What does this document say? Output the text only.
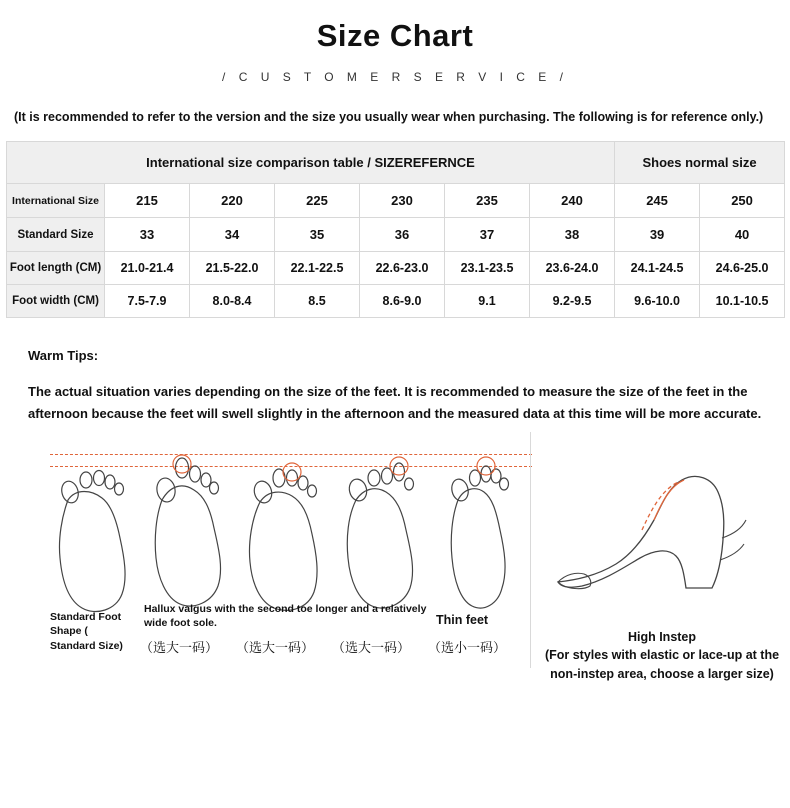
Size Chart
/ C U S T O M E R S E R V I C E /
(It is recommended to refer to the version and the size you usually wear when purchasing. The following is for reference only.)
International size comparison table / SIZEREFERNCE							Shoes normal size	
International Size	215	220	225	230	235	240	245	250
Standard Size	33	34	35	36	37	38	39	40
Foot length (CM)	21.0-21.4	21.5-22.0	22.1-22.5	22.6-23.0	23.1-23.5	23.6-24.0	24.1-24.5	24.6-25.0
Foot width (CM)	7.5-7.9	8.0-8.4	8.5	8.6-9.0	9.1	9.2-9.5	9.6-10.0	10.1-10.5
Warm Tips:
The actual situation varies depending on the size of the feet. It is recommended to measure the size of the feet in the afternoon because the feet will swell slightly in the afternoon and the measured data at this time will be more accurate.
Standard Foot Shape ( Standard Size)
Hallux valgus with the second toe longer and a relatively wide foot sole.	Thin feet
（选大一码） （选大一码） （选大一码） （选小一码）
High Instep
(For styles with elastic or lace-up at the non-instep area, choose a larger size)
